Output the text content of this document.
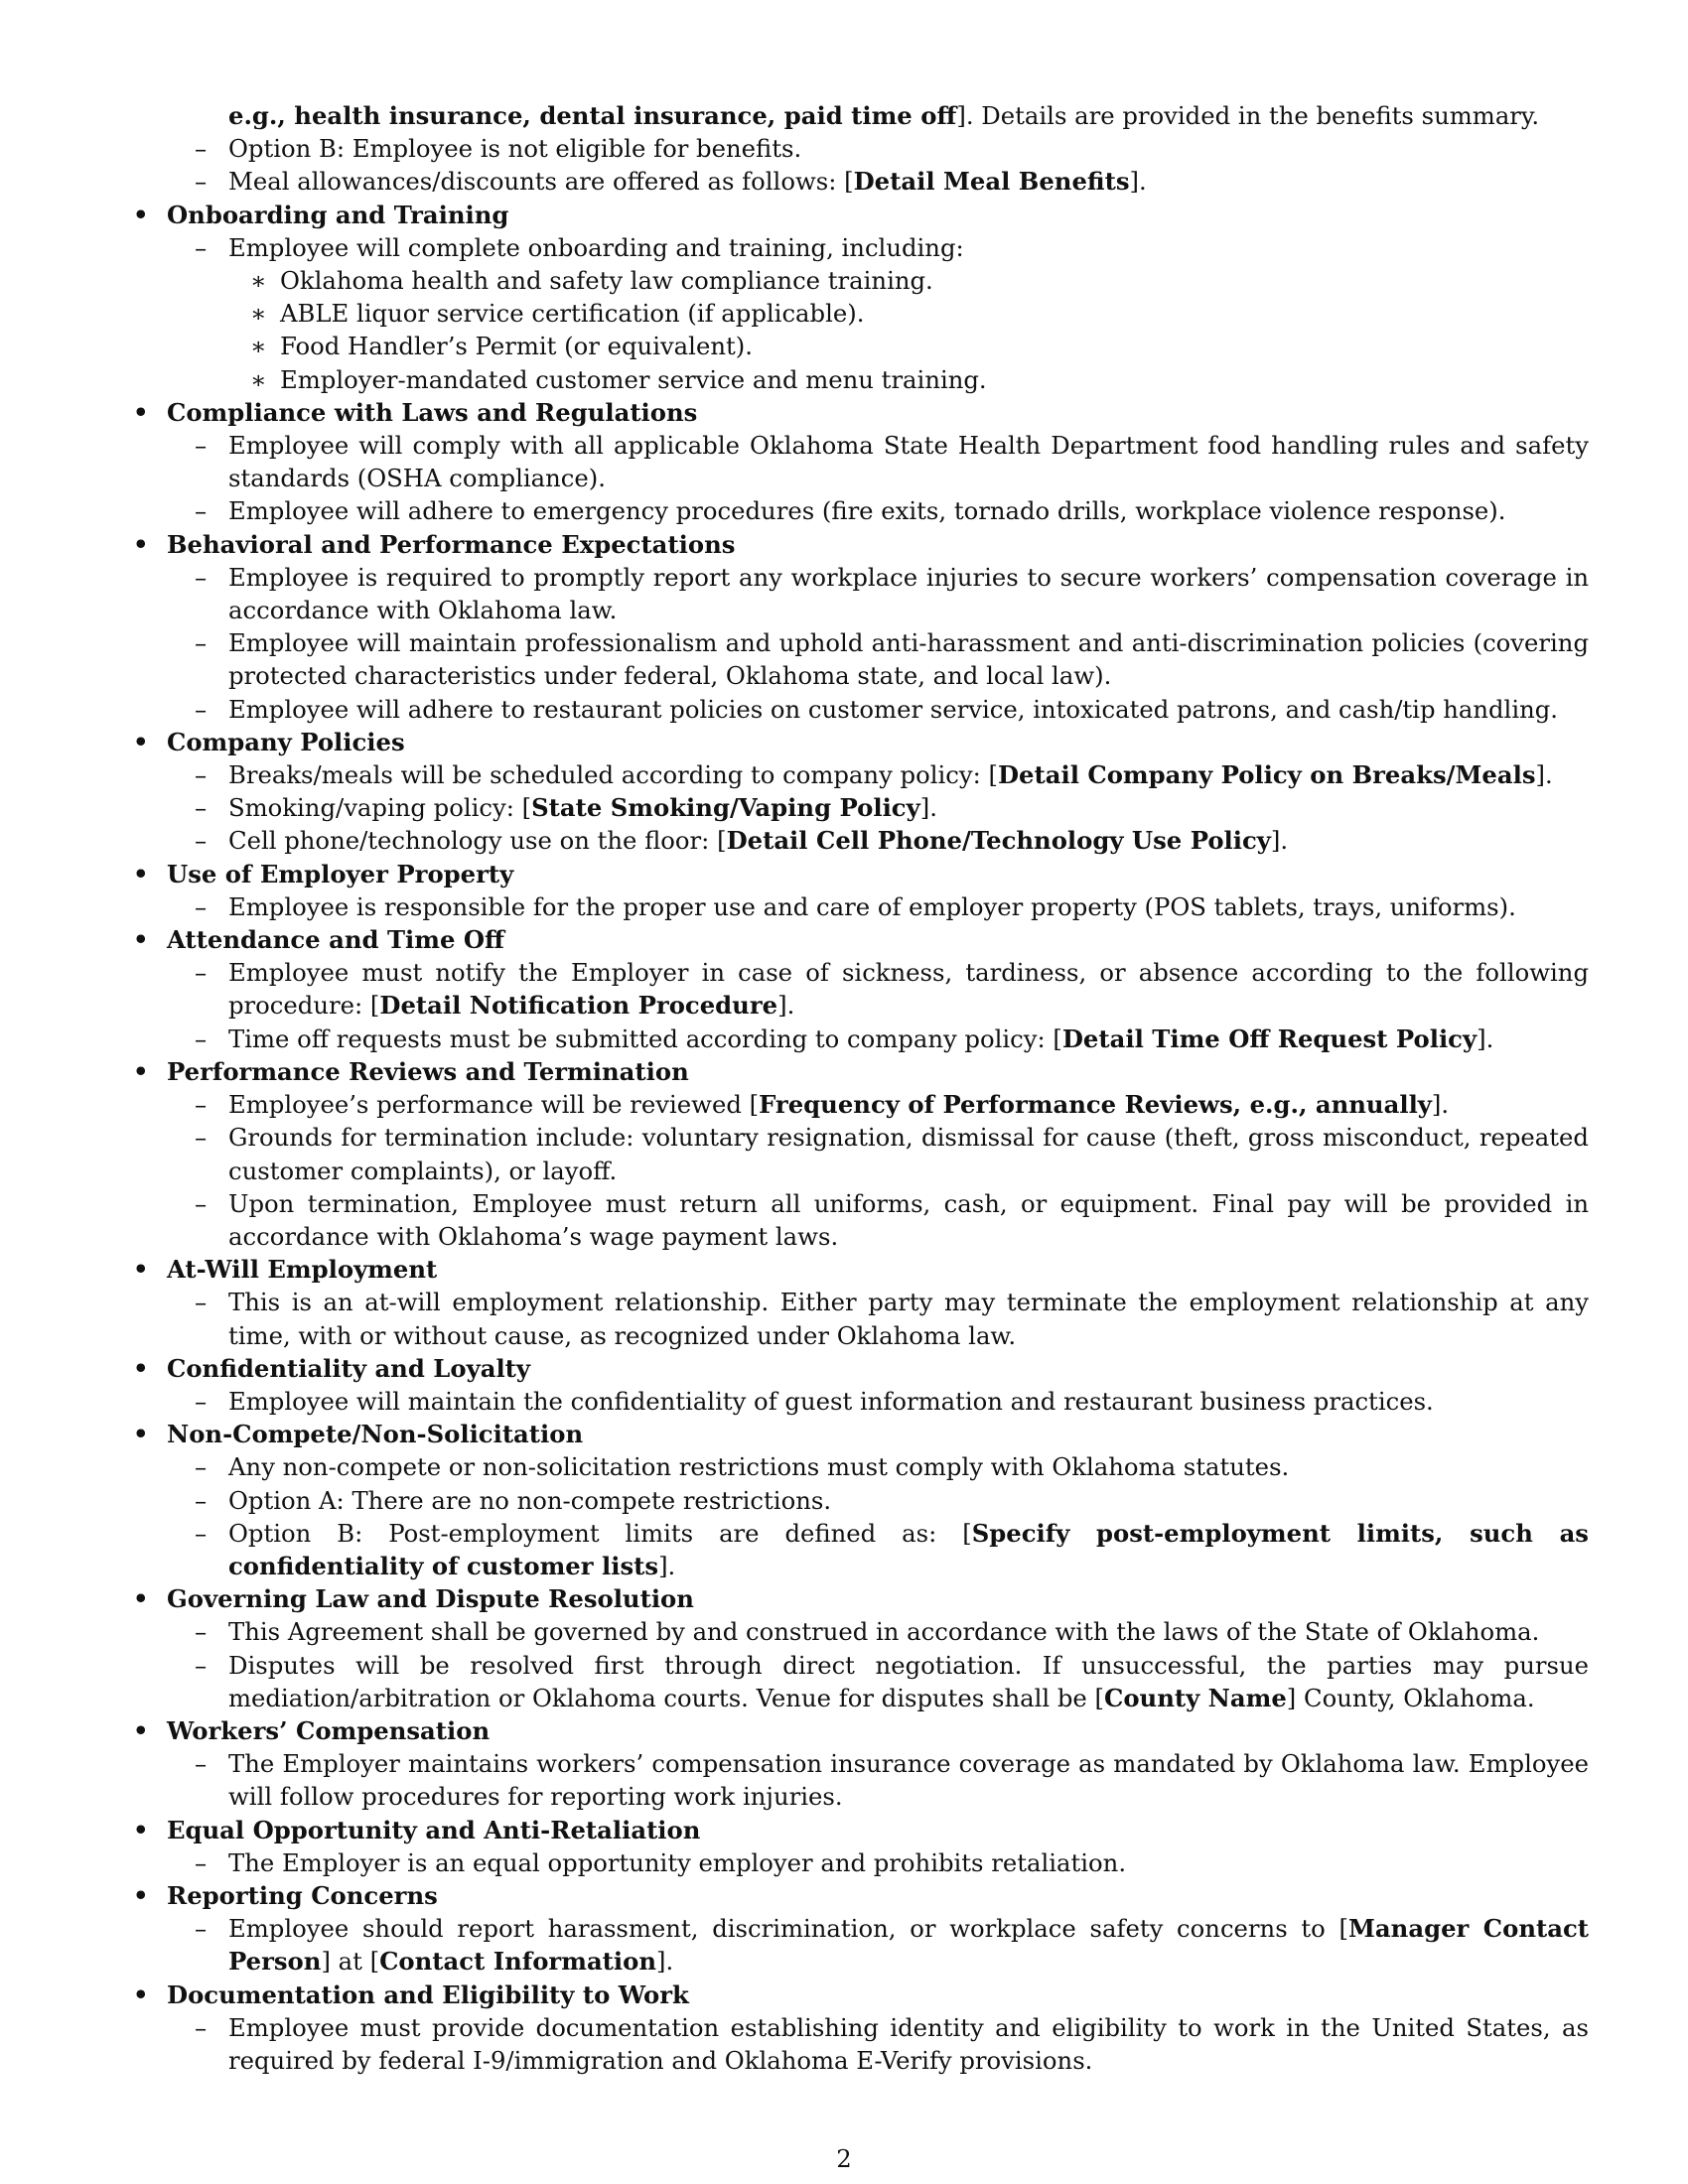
e.g., health insurance, dental insurance, paid time off]. Details are provided in the benefits summary.
– Option B: Employee is not eligible for benefits.
– Meal allowances/discounts are offered as follows: [Detail Meal Benefits].
•
Onboarding and Training
– Employee will complete onboarding and training, including:
∗ Oklahoma health and safety law compliance training.
∗ ABLE liquor service certification (if applicable).
∗ Food Handler’s Permit (or equivalent).
∗ Employer-mandated customer service and menu training.
•
Compliance with Laws and Regulations
– Employee will comply with all applicable Oklahoma State Health Department food handling rules and safety standards (OSHA compliance).
– Employee will adhere to emergency procedures (fire exits, tornado drills, workplace violence response).
•
Behavioral and Performance Expectations
– Employee is required to promptly report any workplace injuries to secure workers’ compensation coverage in accordance with Oklahoma law.
– Employee will maintain professionalism and uphold anti-harassment and anti-discrimination policies (covering protected characteristics under federal, Oklahoma state, and local law).
– Employee will adhere to restaurant policies on customer service, intoxicated patrons, and cash/tip handling.
•
Company Policies
– Breaks/meals will be scheduled according to company policy: [Detail Company Policy on Breaks/Meals].
– Smoking/vaping policy: [State Smoking/Vaping Policy].
– Cell phone/technology use on the floor: [Detail Cell Phone/Technology Use Policy].
•
Use of Employer Property
– Employee is responsible for the proper use and care of employer property (POS tablets, trays, uniforms).
•
Attendance and Time Off
– Employee must notify the Employer in case of sickness, tardiness, or absence according to the following procedure: [Detail Notification Procedure].
– Time off requests must be submitted according to company policy: [Detail Time Off Request Policy].
•
Performance Reviews and Termination
– Employee’s performance will be reviewed [Frequency of Performance Reviews, e.g., annually].
– Grounds for termination include: voluntary resignation, dismissal for cause (theft, gross misconduct, repeated customer complaints), or layoff.
– Upon termination, Employee must return all uniforms, cash, or equipment. Final pay will be provided in accordance with Oklahoma’s wage payment laws.
•
At-Will Employment
– This is an at-will employment relationship. Either party may terminate the employment relationship at any time, with or without cause, as recognized under Oklahoma law.
•
Confidentiality and Loyalty
– Employee will maintain the confidentiality of guest information and restaurant business practices.
•
Non-Compete/Non-Solicitation
– Any non-compete or non-solicitation restrictions must comply with Oklahoma statutes.
– Option A: There are no non-compete restrictions.
– Option B: Post-employment limits are defined as: [Specify post-employment limits, such as confidentiality of customer lists].
•
Governing Law and Dispute Resolution
– This Agreement shall be governed by and construed in accordance with the laws of the State of Oklahoma.
– Disputes will be resolved first through direct negotiation. If unsuccessful, the parties may pursue mediation/arbitration or Oklahoma courts. Venue for disputes shall be [County Name] County, Oklahoma.
•
Workers’ Compensation
– The Employer maintains workers’ compensation insurance coverage as mandated by Oklahoma law. Employee will follow procedures for reporting work injuries.
•
Equal Opportunity and Anti-Retaliation
– The Employer is an equal opportunity employer and prohibits retaliation.
•
Reporting Concerns
– Employee should report harassment, discrimination, or workplace safety concerns to [Manager Contact Person] at [Contact Information].
•
Documentation and Eligibility to Work
– Employee must provide documentation establishing identity and eligibility to work in the United States, as required by federal I-9/immigration and Oklahoma E-Verify provisions.
2
